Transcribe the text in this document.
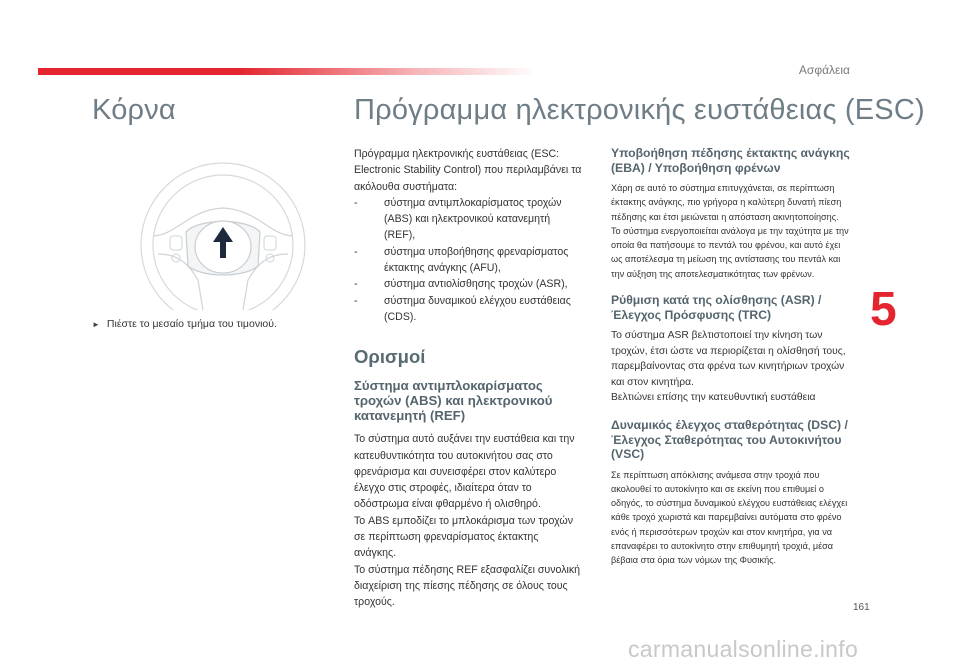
Ασφάλεια
Κόρνα	Πρόγραμμα ηλεκτρονικής ευστάθειας (ESC)
► Πιέστε το μεσαίο τμήμα του τιμονιού.

Πρόγραμμα ηλεκτρονικής ευστάθειας (ESC: Electronic Stability Control) που περιλαμβάνει τα ακόλουθα συστήματα:

- σύστημα αντιμπλοκαρίσματος τροχών (ABS) και ηλεκτρονικού κατανεμητή (REF),
- σύστημα υποβοήθησης φρεναρίσματος έκτακτης ανάγκης (AFU),
- σύστημα αντιολίσθησης τροχών (ASR),
- σύστημα δυναμικού ελέγχου ευστάθειας (CDS).
Ορισμοί
Σύστημα αντιμπλοκαρίσματος τροχών (ABS) και ηλεκτρονικού κατανεμητή (REF)

Το σύστημα αυτό αυξάνει την ευστάθεια και την κατευθυντικότητα του αυτοκινήτου σας στο φρενάρισμα και συνεισφέρει στον καλύτερο έλεγχο στις στροφές, ιδιαίτερα όταν το οδόστρωμα είναι φθαρμένο ή ολισθηρό.

Το ABS εμποδίζει το μπλοκάρισμα των τροχών σε περίπτωση φρεναρίσματος έκτακτης ανάγκης.

Το σύστημα πέδησης REF εξασφαλίζει συνολική διαχείριση της πίεσης πέδησης σε όλους τους τροχούς.

Υποβοήθηση πέδησης έκτακτης ανάγκης (EBA) / Υποβοήθηση φρένων

Χάρη σε αυτό το σύστημα επιτυγχάνεται, σε περίπτωση έκτακτης ανάγκης, πιο γρήγορα η καλύτερη δυνατή πίεση πέδησης και έτσι μειώνεται η απόσταση ακινητοποίησης.

Το σύστημα ενεργοποιείται ανάλογα με την ταχύτητα με την οποία θα πατήσουμε το πεντάλ του φρένου, και αυτό έχει ως αποτέλεσμα τη μείωση της αντίστασης του πεντάλ και την αύξηση της αποτελεσματικότητας των φρένων.

Ρύθμιση κατά της ολίσθησης (ASR) / Έλεγχος Πρόσφυσης (TRC)

Το σύστημα ASR βελτιστοποιεί την κίνηση των τροχών, έτσι ώστε να περιορίζεται η ολίσθησή τους, παρεμβαίνοντας στα φρένα των κινητήριων τροχών και στον κινητήρα.

Βελτιώνει επίσης την κατευθυντική ευστάθεια

Δυναμικός έλεγχος σταθερότητας (DSC) / Έλεγχος Σταθερότητας του Αυτοκινήτου (VSC)

Σε περίπτωση απόκλισης ανάμεσα στην τροχιά που ακολουθεί το αυτοκίνητο και σε εκείνη που επιθυμεί ο οδηγός, το σύστημα δυναμικού ελέγχου ευστάθειας ελέγχει κάθε τροχό χωριστά και παρεμβαίνει αυτόματα στο φρένο ενός ή περισσότερων τροχών και στον κινητήρα, για να επαναφέρει το αυτοκίνητο στην επιθυμητή τροχιά, μέσα βέβαια στα όρια των νόμων της Φυσικής.

5
161
carmanualsonline.info
